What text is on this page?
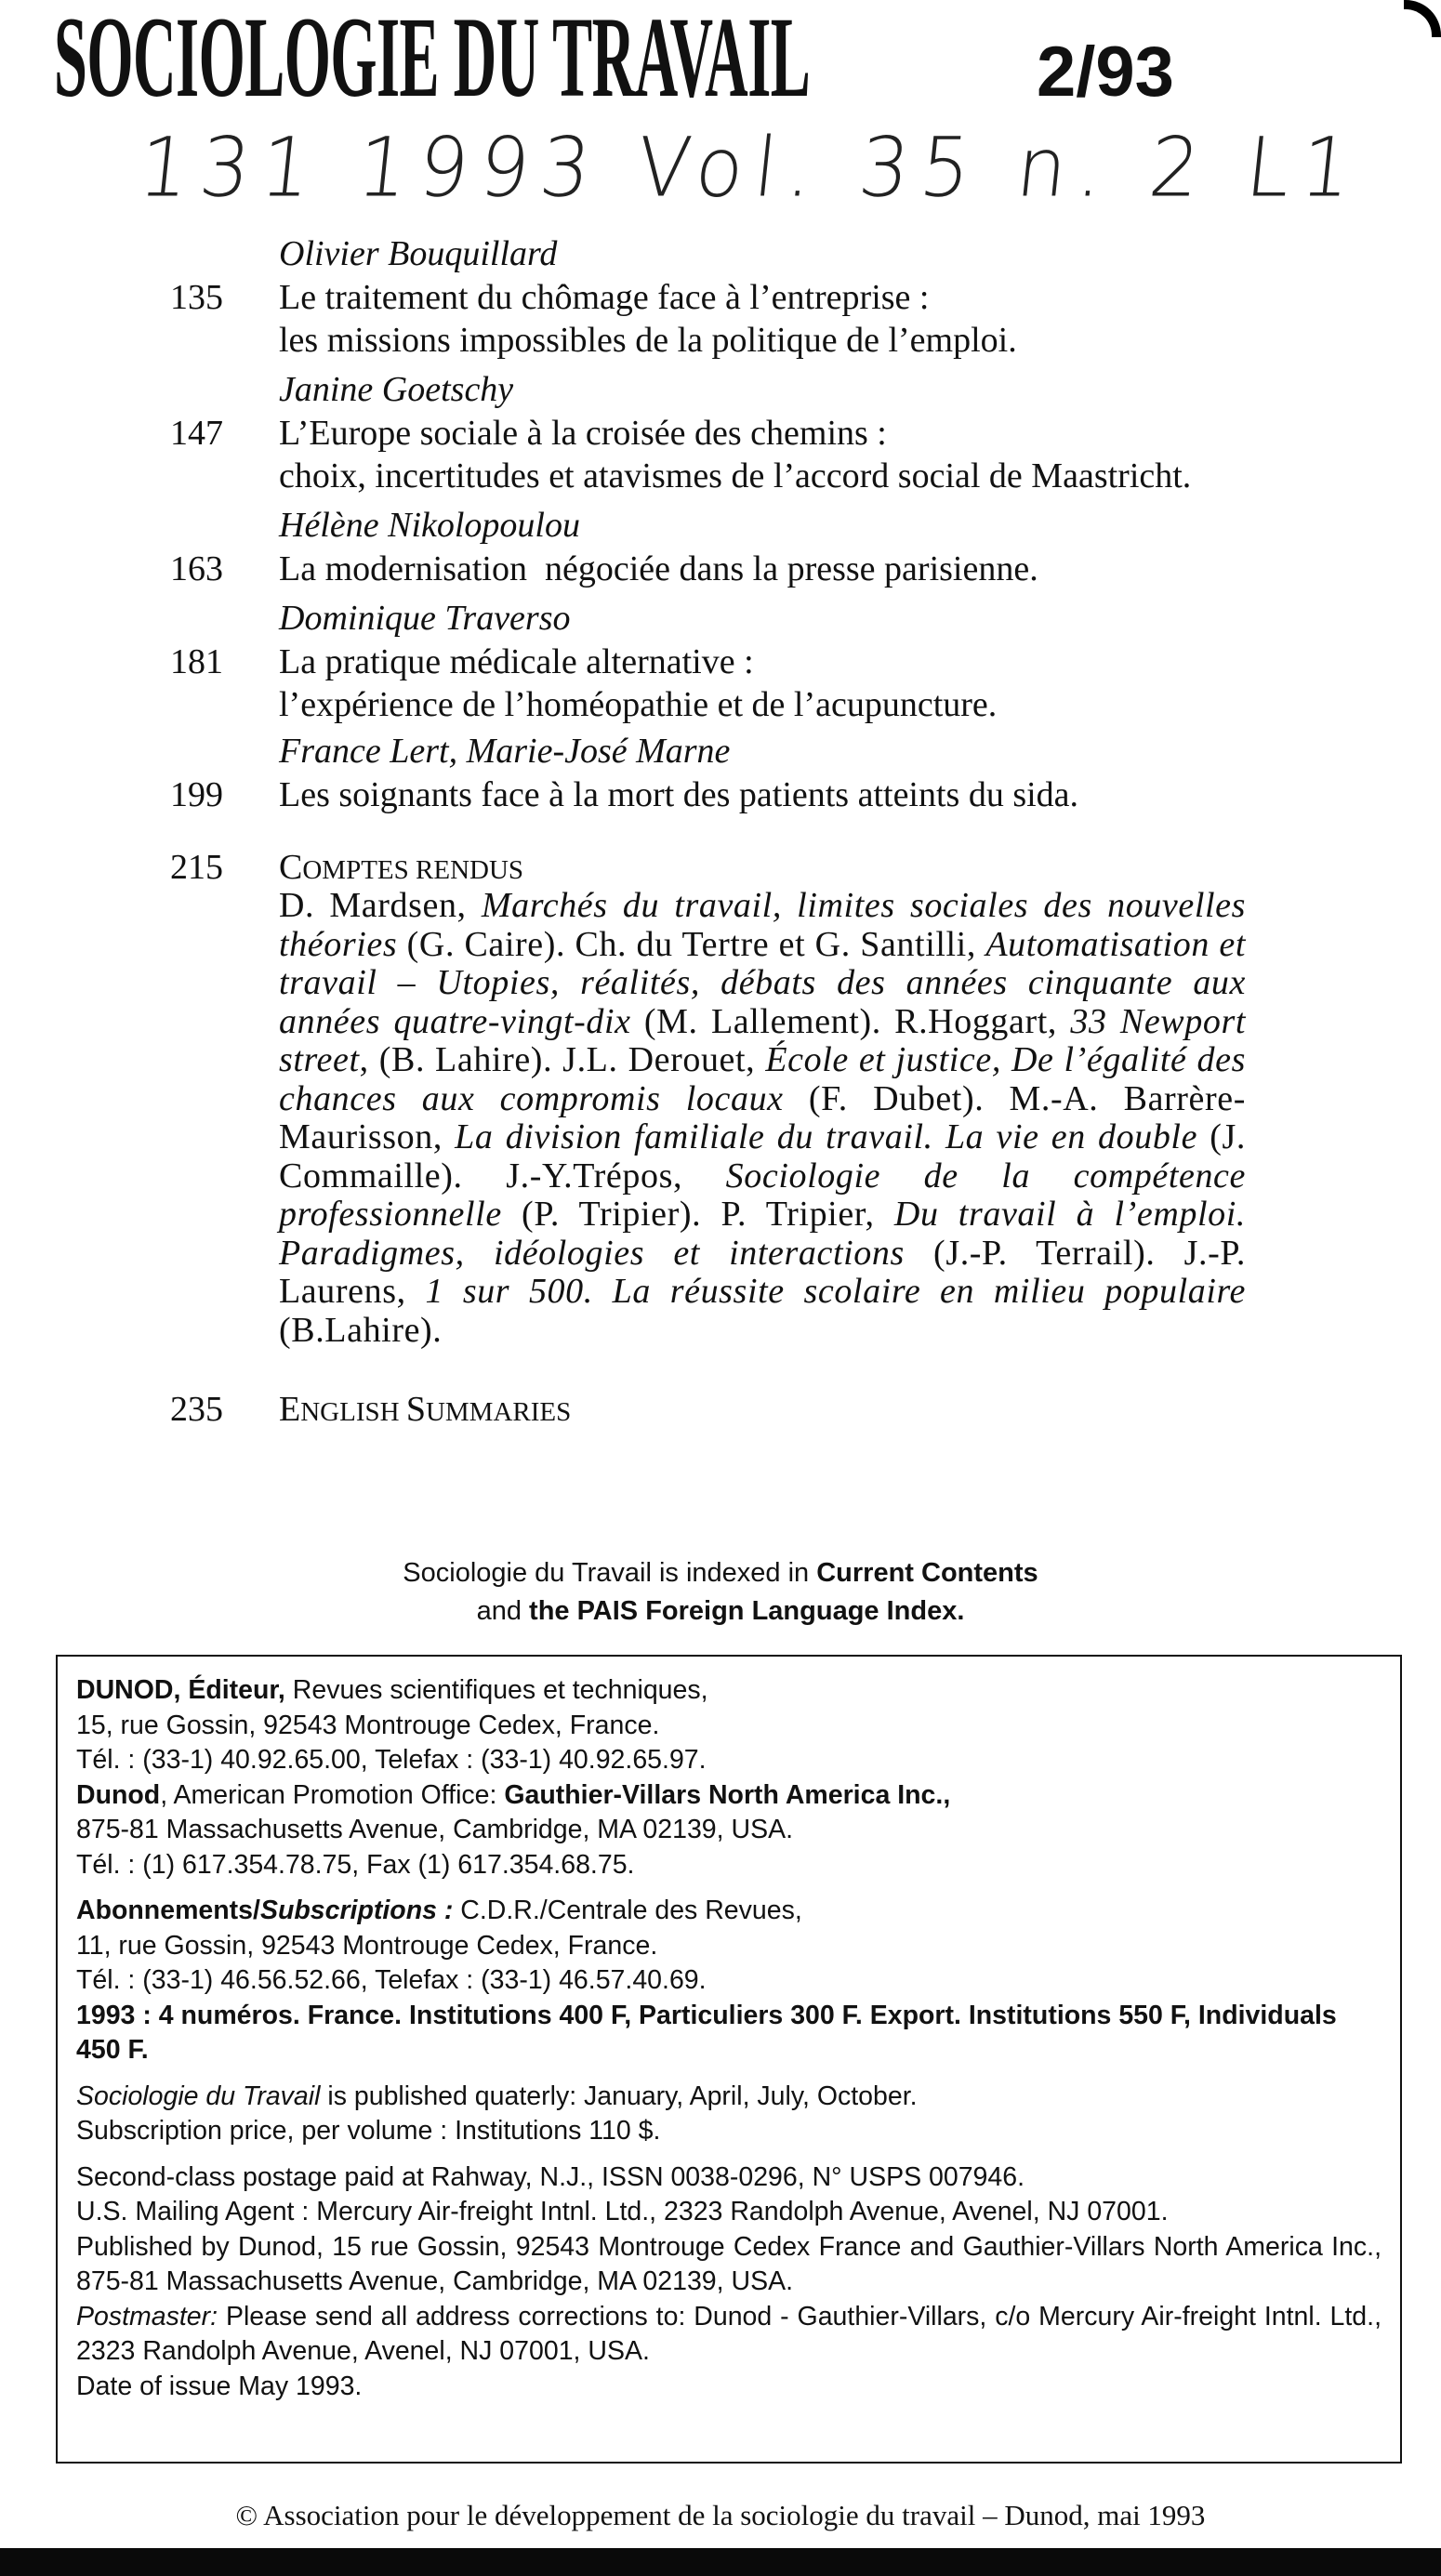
SOCIOLOGIE DU TRAVAIL	2/93
131 1993 Vol. 35 n. 2 L1
Olivier Bouquillard
135 Le traitement du chômage face à l’entreprise :
les missions impossibles de la politique de l’emploi.
Janine Goetschy
147 L’Europe sociale à la croisée des chemins :
choix, incertitudes et atavismes de l’accord social de Maastricht.
Hélène Nikolopoulou
163 La modernisation  négociée dans la presse parisienne.
Dominique Traverso
181 La pratique médicale alternative :
l’expérience de l’homéopathie et de l’acupuncture.
France Lert, Marie-José Marne
199 Les soignants face à la mort des patients atteints du sida.
215 COMPTES RENDUS
D. Mardsen, Marchés du travail, limites sociales des nouvelles théories (G. Caire). Ch. du Tertre et G. Santilli, Automatisation et travail – Utopies, réalités, débats des années cinquante aux années quatre-vingt-dix (M. Lallement). R.Hoggart, 33 Newport street, (B. Lahire). J.L. Derouet, École et justice, De l’égalité des chances aux compromis locaux (F. Dubet). M.-A. Barrère-Maurisson, La division familiale du travail. La vie en double (J. Commaille). J.-Y.Trépos, Sociologie de la compétence professionnelle (P. Tripier). P. Tripier, Du travail à l’emploi. Paradigmes, idéologies et interactions (J.-P. Terrail). J.-P. Laurens, 1 sur 500. La réussite scolaire en milieu populaire (B.Lahire).
235 ENGLISH SUMMARIES
Sociologie du Travail is indexed in Current Contents
and the PAIS Foreign Language Index.

DUNOD, Éditeur, Revues scientifiques et techniques,

15, rue Gossin, 92543 Montrouge Cedex, France.

Tél. : (33-1) 40.92.65.00, Telefax : (33-1) 40.92.65.97.

Dunod, American Promotion Office: Gauthier-Villars North America Inc.,

875-81 Massachusetts Avenue, Cambridge, MA 02139, USA.

Tél. : (1) 617.354.78.75, Fax (1) 617.354.68.75.

Abonnements/Subscriptions : C.D.R./Centrale des Revues,

11, rue Gossin, 92543 Montrouge Cedex, France.

Tél. : (33-1) 46.56.52.66, Telefax : (33-1) 46.57.40.69.

1993 : 4 numéros. France. Institutions 400 F, Particuliers 300 F. Export. Institutions 550 F, Individuals 450 F.

Sociologie du Travail is published quaterly: January, April, July, October.

Subscription price, per volume : Institutions 110 $.

Second-class postage paid at Rahway, N.J., ISSN 0038-0296, N° USPS 007946.

U.S. Mailing Agent : Mercury Air-freight Intnl. Ltd., 2323 Randolph Avenue, Avenel, NJ 07001.

Published by Dunod, 15 rue Gossin, 92543 Montrouge Cedex France and Gauthier-Villars North America Inc., 875-81 Massachusetts Avenue, Cambridge, MA 02139, USA.

Postmaster: Please send all address corrections to: Dunod - Gauthier-Villars, c/o Mercury Air-freight Intnl. Ltd., 2323 Randolph Avenue, Avenel, NJ 07001, USA.

Date of issue May 1993.

© Association pour le développement de la sociologie du travail – Dunod, mai 1993
